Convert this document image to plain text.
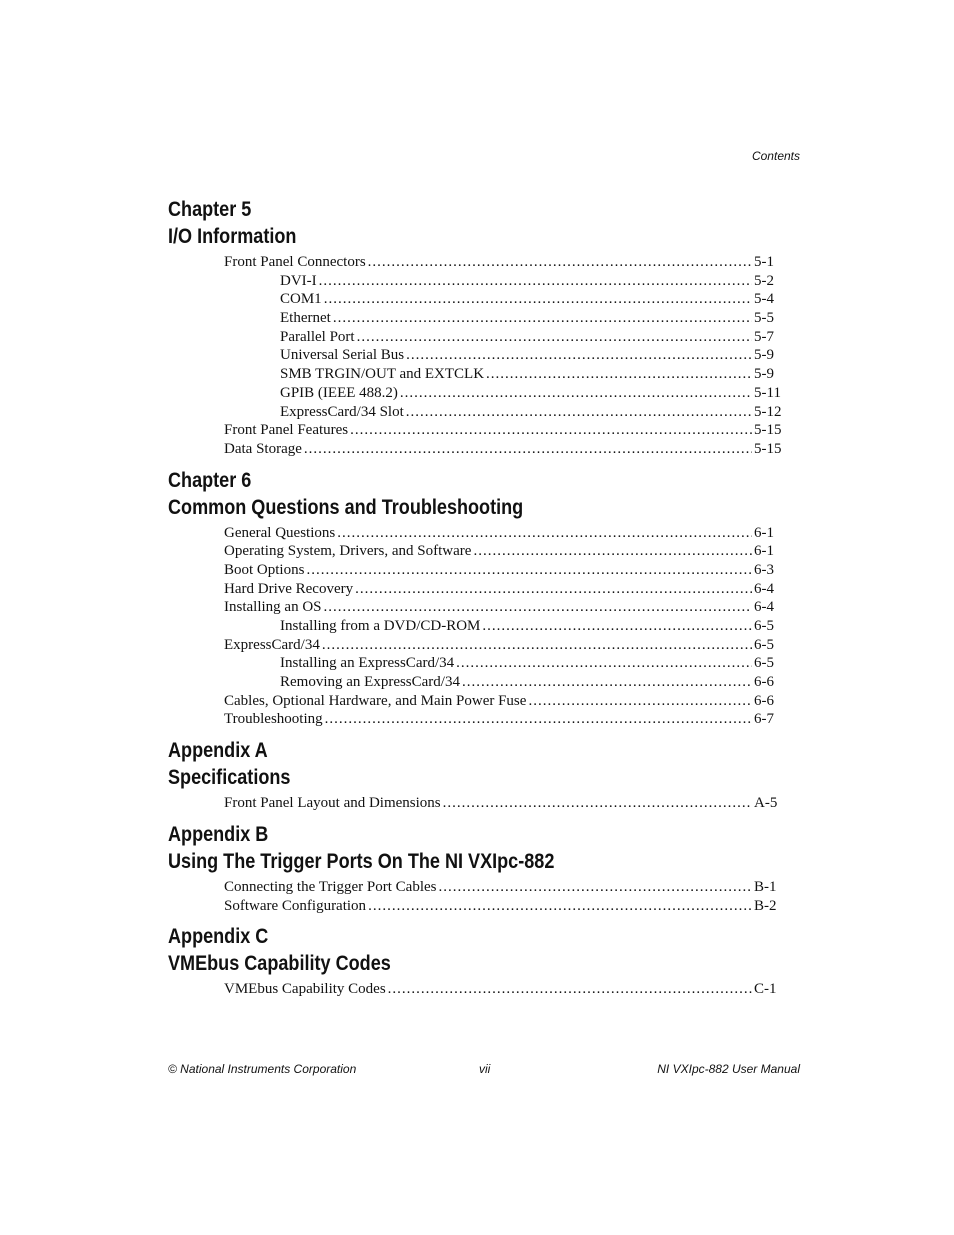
Contents
Chapter 5
I/O Information
Front Panel Connectors .....	5-1
DVI-I .....	5-2
COM1 .....	5-4
Ethernet .....	5-5
Parallel Port .....	5-7
Universal Serial Bus .....	5-9
SMB TRGIN/OUT and EXTCLK .....	5-9
GPIB (IEEE 488.2) .....	5-11
ExpressCard/34 Slot .....	5-12
Front Panel Features .....	5-15
Data Storage .....	5-15
Chapter 6
Common Questions and Troubleshooting
General Questions .....	6-1
Operating System, Drivers, and Software .....	6-1
Boot Options .....	6-3
Hard Drive Recovery .....	6-4
Installing an OS .....	6-4
Installing from a DVD/CD-ROM .....	6-5
ExpressCard/34 .....	6-5
Installing an ExpressCard/34 .....	6-5
Removing an ExpressCard/34 .....	6-6
Cables, Optional Hardware, and Main Power Fuse .....	6-6
Troubleshooting .....	6-7
Appendix A
Specifications
Front Panel Layout and Dimensions .....	A-5
Appendix B
Using The Trigger Ports On The NI VXIpc-882
Connecting the Trigger Port Cables .....	B-1
Software Configuration .....	B-2
Appendix C
VMEbus Capability Codes
VMEbus Capability Codes .....	C-1
© National Instruments Corporation	vii	NI VXIpc-882 User Manual
